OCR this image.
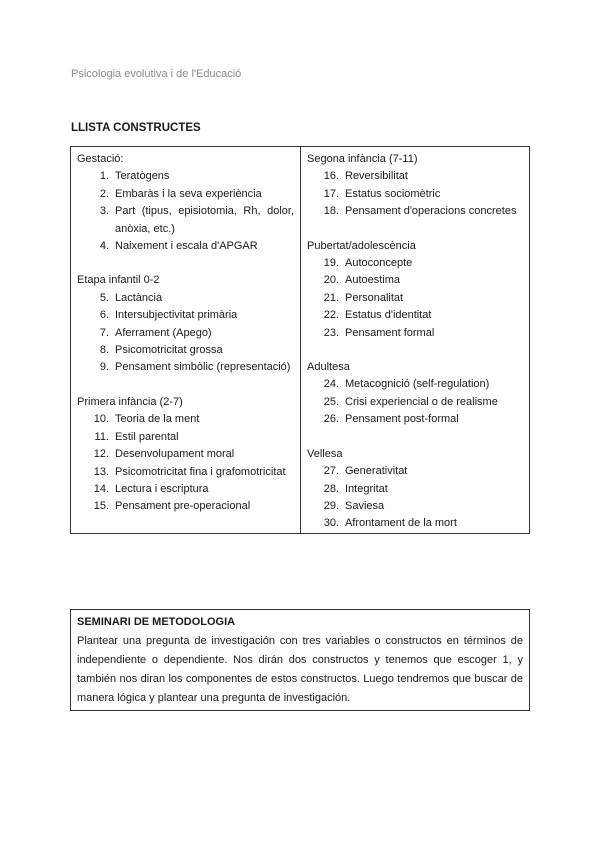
Psicologia evolutiva i de l'Educació
LLISTA CONSTRUCTES
Gestació:
1. Teratògens
2. Embaràs i la seva experiència
3. Part (tipus, episiotomia, Rh, dolor, anòxia, etc.)
4. Naixement i escala d'APGAR
Etapa infantil 0-2
5. Lactància
6. Intersubjectivitat primària
7. Aferrament (Apego)
8. Psicomotricitat grossa
9. Pensament simbòlic (representació)
Primera infància (2-7)
10. Teoria de la ment
11. Estil parental
12. Desenvolupament moral
13. Psicomotricitat fina i grafomotricitat
14. Lectura i escriptura
15. Pensament pre-operacional
Segona infància (7-11)
16. Reversibilitat
17. Estatus sociomètric
18. Pensament d'operacions concretes
Pubertat/adolescència
19. Autoconcepte
20. Autoestima
21. Personalitat
22. Estatus d'identitat
23. Pensament formal
Adultesa
24. Metacognició (self-regulation)
25. Crisi experiencial o de realisme
26. Pensament post-formal
Vellesa
27. Generativitat
28. Integritat
29. Saviesa
30. Afrontament de la mort
SEMINARI DE METODOLOGIA
Plantear una pregunta de investigación con tres variables o constructos en términos de independiente o dependiente. Nos dirán dos constructos y tenemos que escoger 1, y también nos diran los componentes de estos constructos. Luego tendremos que buscar de manera lógica y plantear una pregunta de investigación.
